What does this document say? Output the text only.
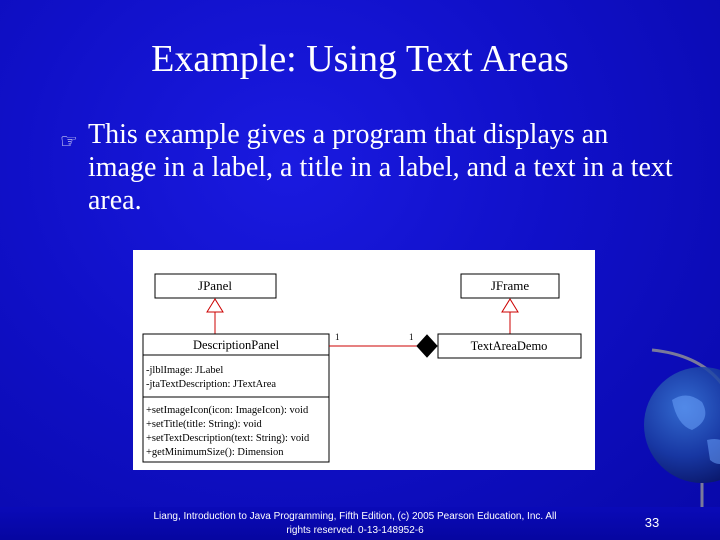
Example: Using Text Areas
☞ This example gives a program that displays an image in a label, a title in a label, and a text in a text area.
JPanel	JFrame
DescriptionPanel
-jlblImage: JLabel
-jtaTextDescription: JTextArea
+setImageIcon(icon: ImageIcon): void
+setTitle(title: String): void
+setTextDescription(text: String): void
+getMinimumSize(): Dimension
TextAreaDemo
1	1
Liang, Introduction to Java Programming, Fifth Edition, (c) 2005 Pearson Education, Inc. All rights reserved. 0-13-148952-6
33
